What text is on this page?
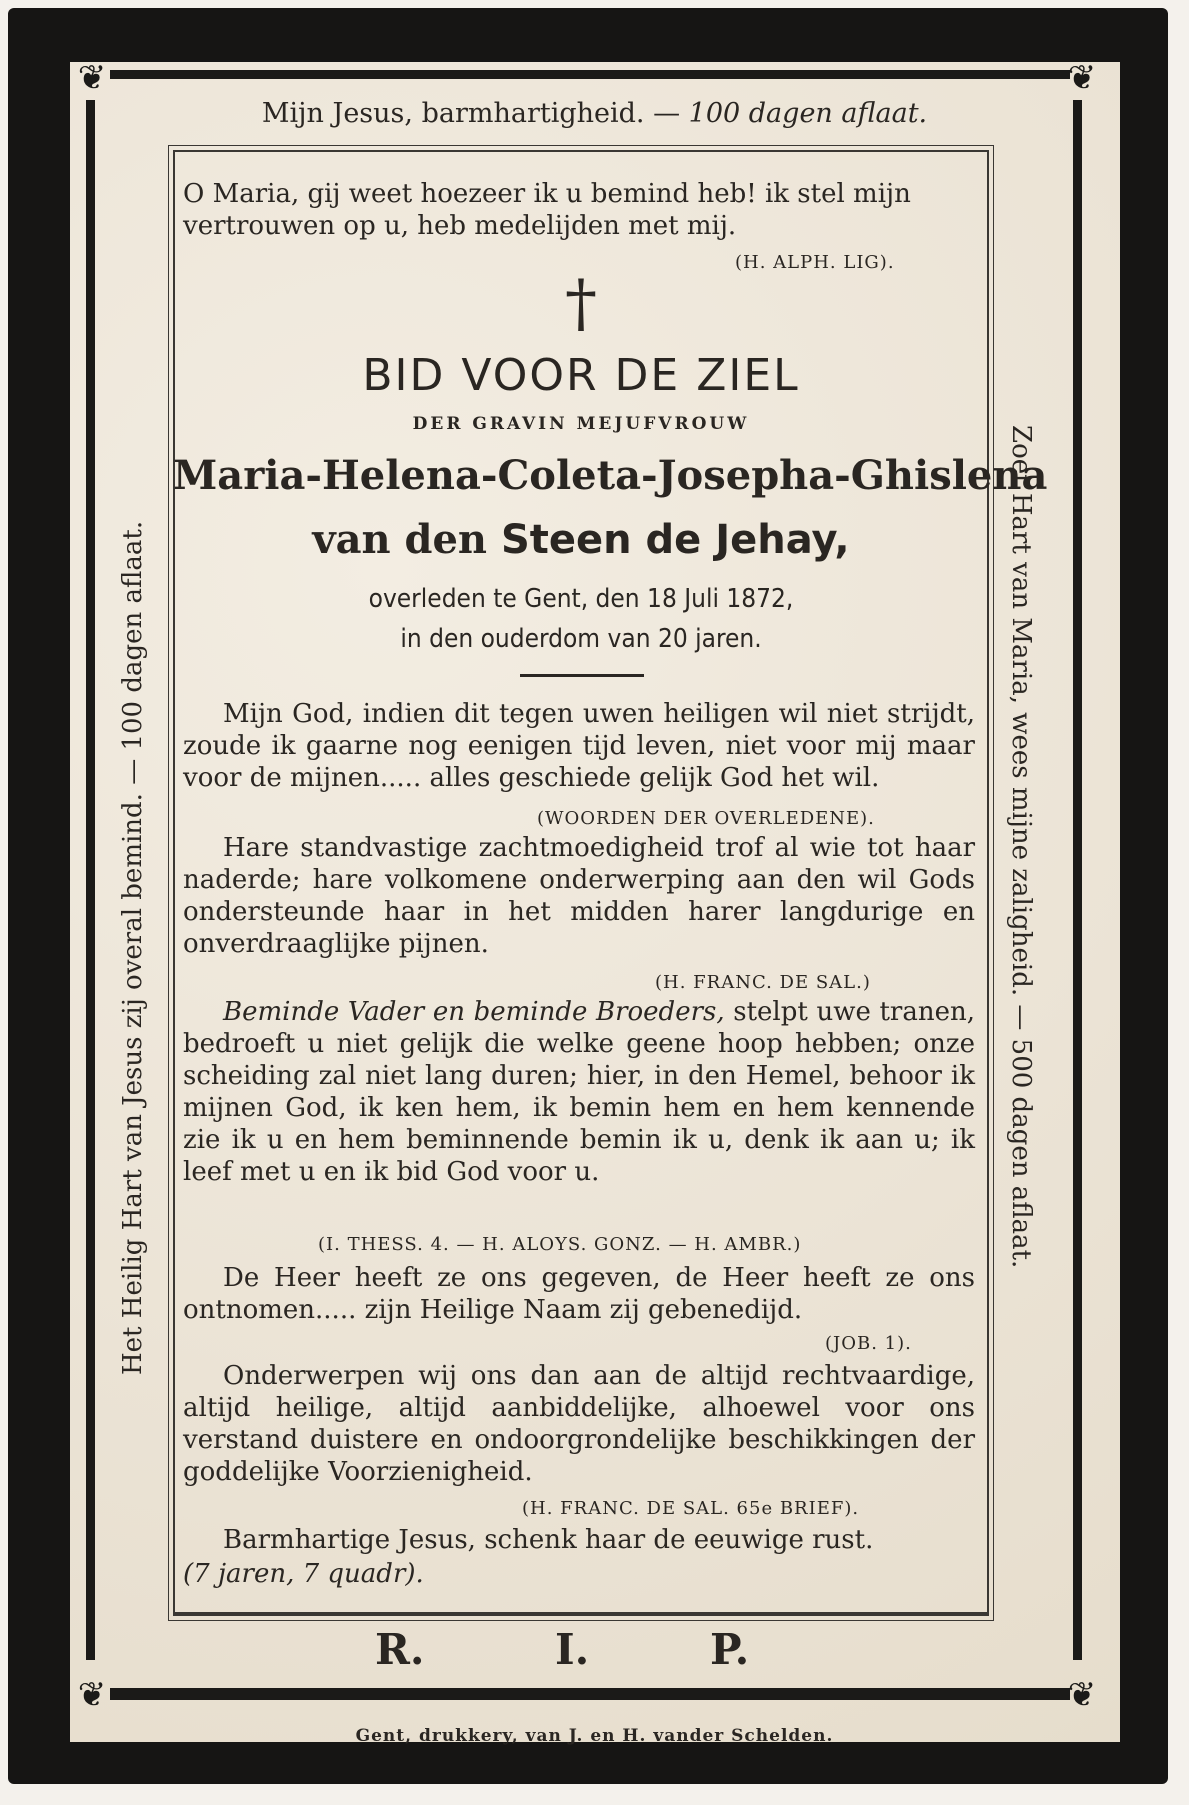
❦	❦
❦	❦
Mijn Jesus, barmhartigheid. — 100 dagen aflaat.
Het Heilig Hart van Jesus zij overal bemind. — 100 dagen aflaat.	Zoet Hart van Maria, wees mijne zaligheid. — 500 dagen aflaat.
O Maria, gij weet hoezeer ik u bemind heb! ik stel mijn vertrouwen op u, heb medelijden met mij.
(H. ALPH. LIG).
†
BID VOOR DE ZIEL
DER GRAVIN MEJUFVROUW
Maria-Helena-Coleta-Josepha-Ghislena
van den Steen de Jehay,
overleden te Gent, den 18 Juli 1872,
in den ouderdom van 20 jaren.
Mijn God, indien dit tegen uwen heiligen wil niet strijdt, zoude ik gaarne nog eenigen tijd leven, niet voor mij maar voor de mijnen..... alles geschiede gelijk God het wil.
(WOORDEN DER OVERLEDENE).
Hare standvastige zachtmoedigheid trof al wie tot haar naderde; hare volkomene onderwerping aan den wil Gods ondersteunde haar in het midden harer langdurige en onverdraaglijke pijnen.
(H. FRANC. DE SAL.)
Beminde Vader en beminde Broeders, stelpt uwe tranen, bedroeft u niet gelijk die welke geene hoop hebben; onze scheiding zal niet lang duren; hier, in den Hemel, behoor ik mijnen God, ik ken hem, ik bemin hem en hem kennende zie ik u en hem beminnende bemin ik u, denk ik aan u; ik leef met u en ik bid God voor u.
(I. THESS. 4. — H. ALOYS. GONZ. — H. AMBR.)
De Heer heeft ze ons gegeven, de Heer heeft ze ons ontnomen..... zijn Heilige Naam zij gebenedijd.
(JOB. 1).
Onderwerpen wij ons dan aan de altijd rechtvaardige, altijd heilige, altijd aanbiddelijke, alhoewel voor ons verstand duistere en ondoorgrondelijke beschikkingen der goddelijke Voorzienigheid.
(H. FRANC. DE SAL. 65e BRIEF).
Barmhartige Jesus, schenk haar de eeuwige rust.
(7 jaren, 7 quadr).
R.	I.	P.
Gent, drukkery, van J. en H. vander Schelden.
